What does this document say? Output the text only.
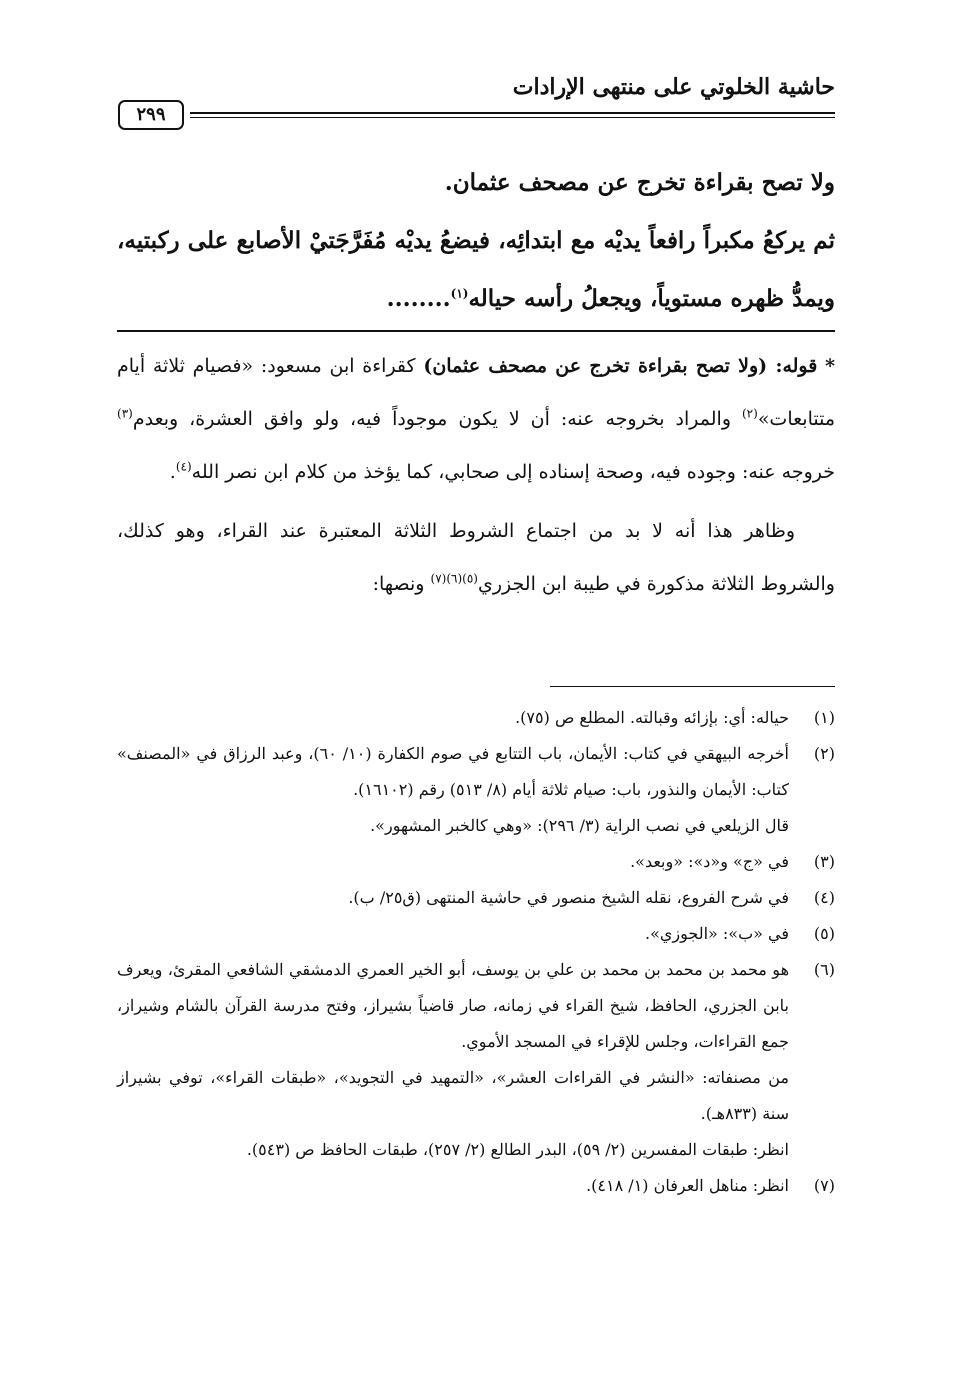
حاشية الخلوتي على منتهى الإرادات
٢٩٩

ولا تصح بقراءة تخرج عن مصحف عثمان.

ثم يركعُ مكبراً رافعاً يديْه مع ابتدائِه، فيضعُ يديْه مُفَرَّجَتيْ الأصابع على ركبتيه، ويمدُّ ظهره مستوياً، ويجعلُ رأسه حياله$^{(١)}$........

* قوله: (ولا تصح بقراءة تخرج عن مصحف عثمان) كقراءة ابن مسعود: «فصيام ثلاثة أيام متتابعات»$^{(٢)}$ والمراد بخروجه عنه: أن لا يكون موجوداً فيه، ولو وافق العشرة، وبعدم$^{(٣)}$ خروجه عنه: وجوده فيه، وصحة إسناده إلى صحابي، كما يؤخذ من كلام ابن نصر الله$^{(٤)}$.

وظاهر هذا أنه لا بد من اجتماع الشروط الثلاثة المعتبرة عند القراء، وهو كذلك، والشروط الثلاثة مذكورة في طيبة ابن الجزري$^{(٥)(٦)(٧)}$ ونصها:

(١)
حياله: أي: بإزائه وقبالته. المطلع ص (٧٥).
(٢)
أخرجه البيهقي في كتاب: الأيمان، باب التتابع في صوم الكفارة (١٠/ ٦٠)، وعبد الرزاق في «المصنف» كتاب: الأيمان والنذور، باب: صيام ثلاثة أيام (٨/ ٥١٣) رقم (١٦١٠٢).
قال الزيلعي في نصب الراية (٣/ ٢٩٦): «وهي كالخبر المشهور».
(٣)
في «ج» و«د»: «وبعد».
(٤)
في شرح الفروع، نقله الشيخ منصور في حاشية المنتهى (ق٢٥/ ب).
(٥)
في «ب»: «الجوزي».
(٦)
هو محمد بن محمد بن محمد بن علي بن يوسف، أبو الخير العمري الدمشقي الشافعي المقرئ، ويعرف بابن الجزري، الحافظ، شيخ القراء في زمانه، صار قاضياً بشيراز، وفتح مدرسة القرآن بالشام وشيراز، جمع القراءات، وجلس للإقراء في المسجد الأموي.
من مصنفاته: «النشر في القراءات العشر»، «التمهيد في التجويد»، «طبقات القراء»، توفي بشيراز سنة (٨٣٣هـ).
انظر: طبقات المفسرين (٢/ ٥٩)، البدر الطالع (٢/ ٢٥٧)، طبقات الحافظ ص (٥٤٣).
(٧)
انظر: مناهل العرفان (١/ ٤١٨).
